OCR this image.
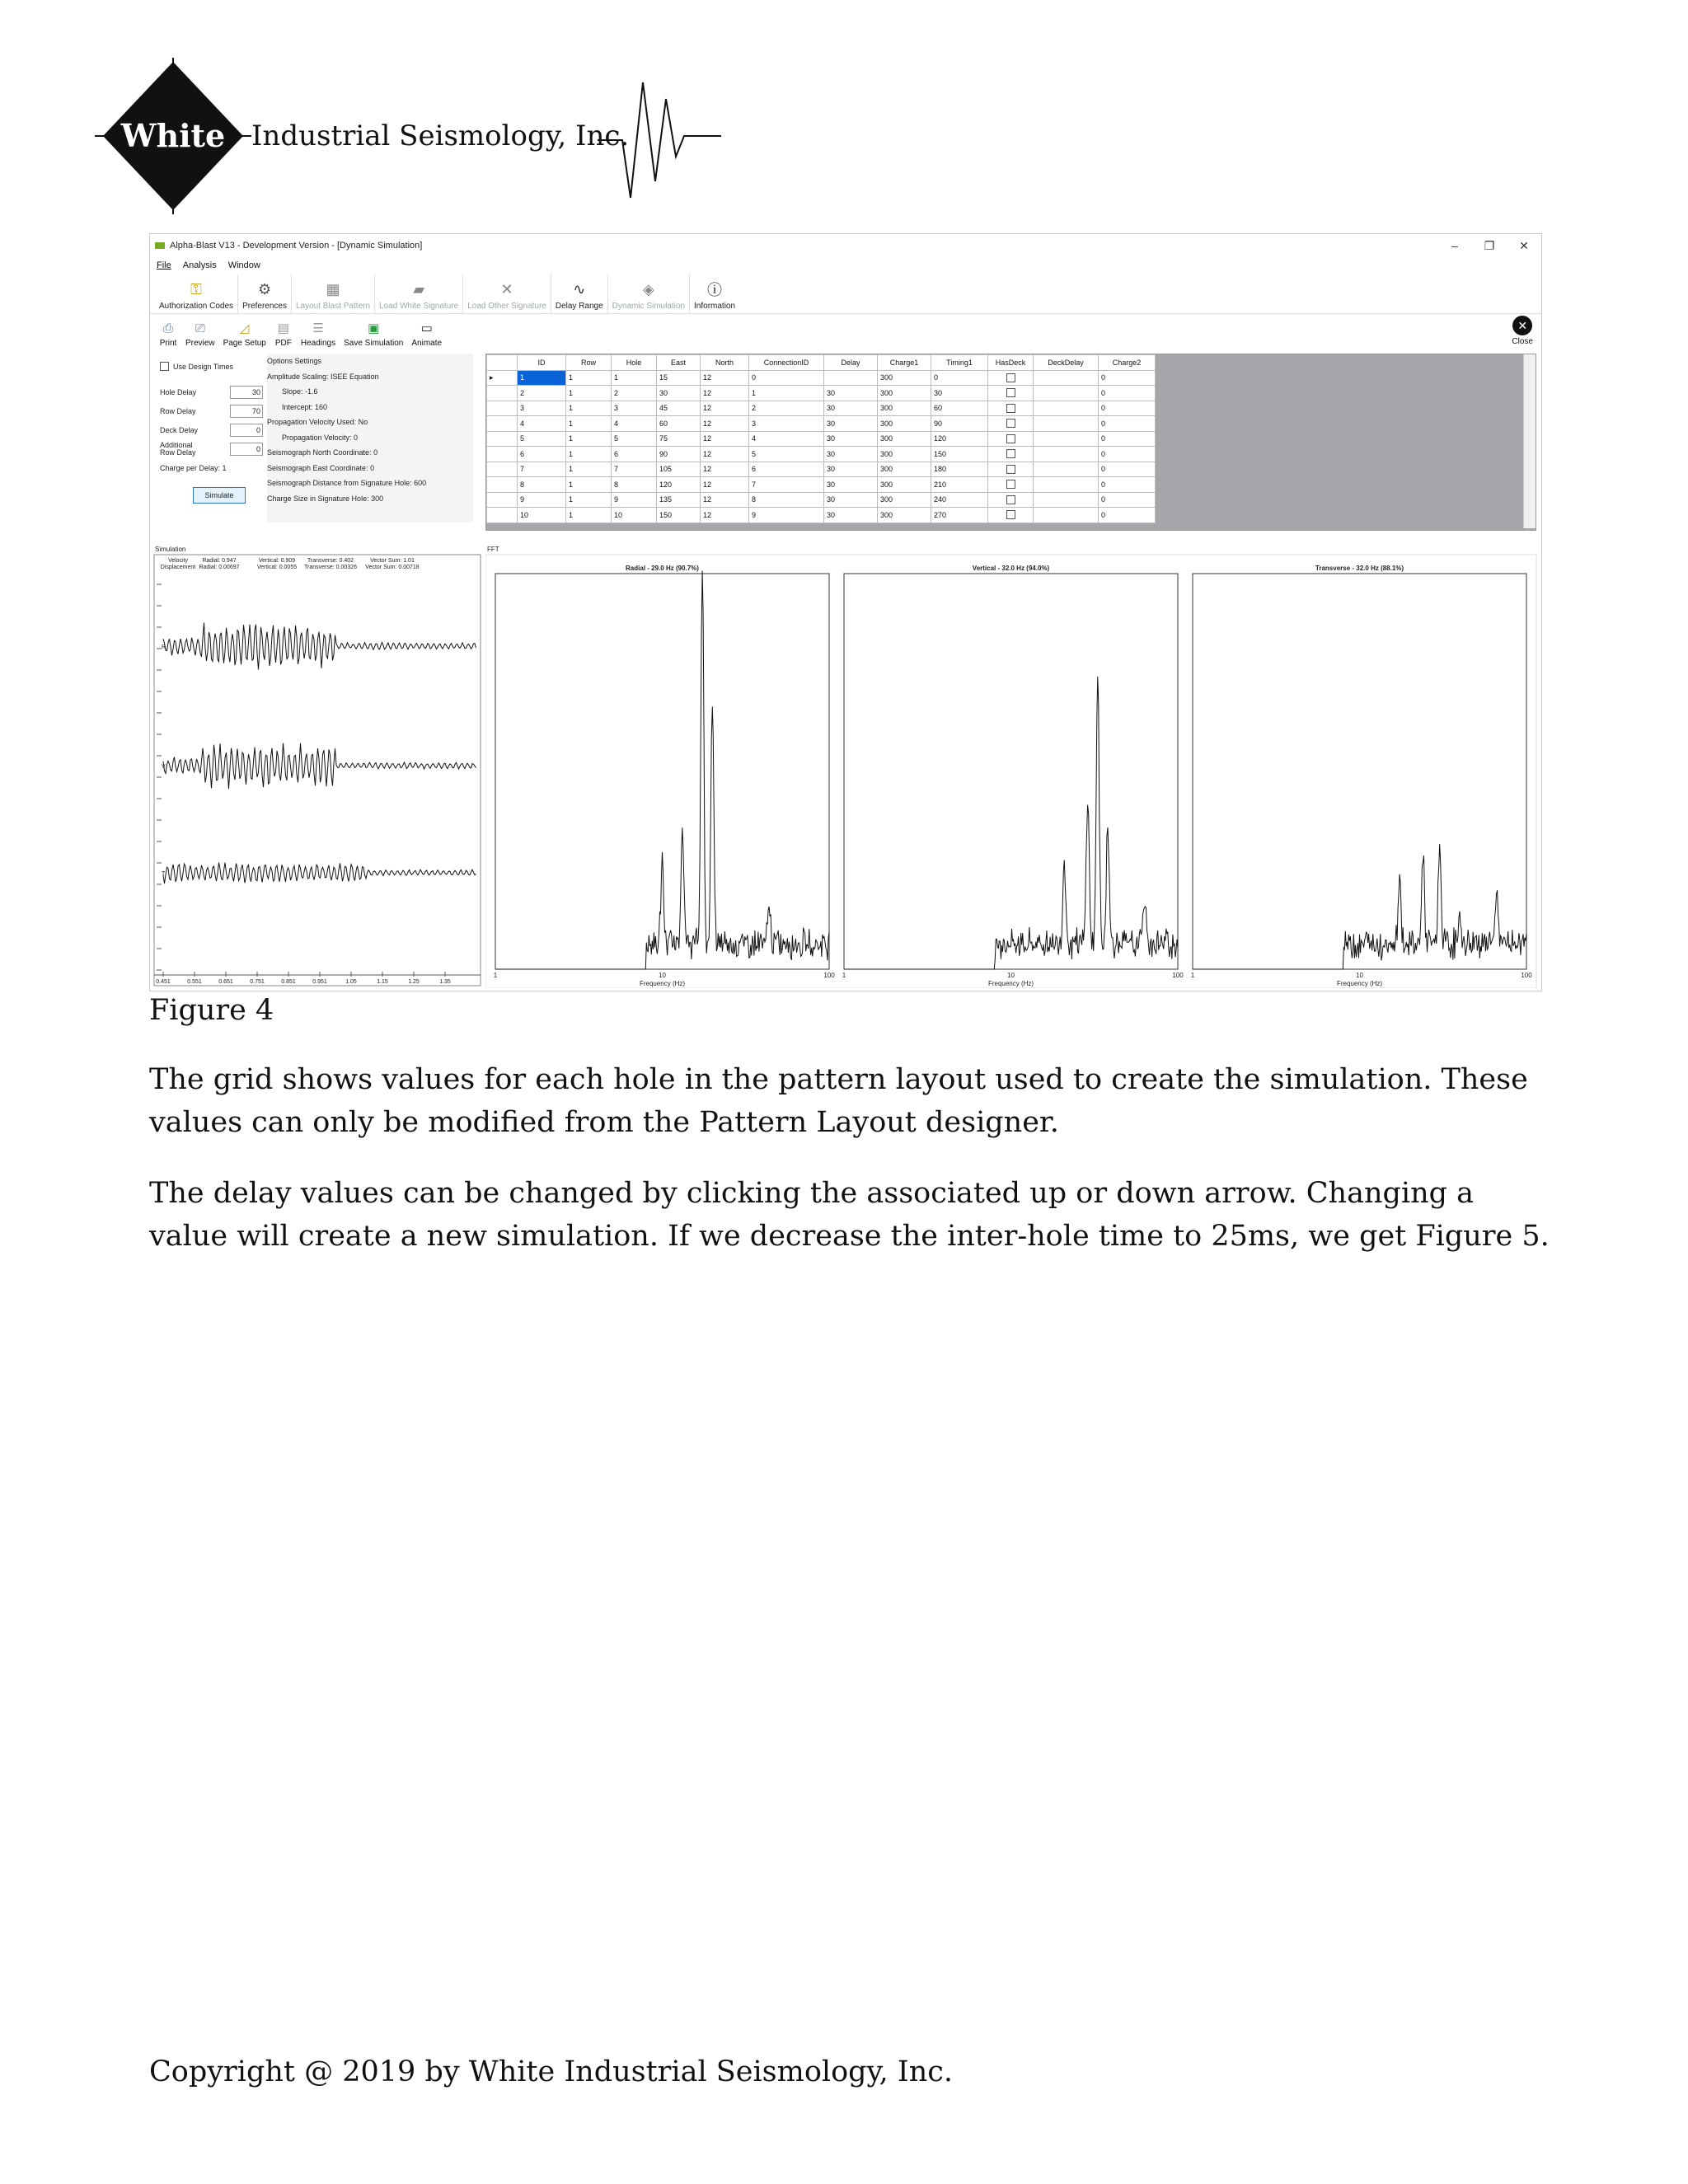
White Industrial Seismology, Inc.
Alpha-Blast V13 - Development Version - [Dynamic Simulation]	–	❐	✕
File Analysis Window
⚿
Authorization Codes
⚙
Preferences
▦
Layout Blast Pattern
▰
Load White Signature
✕
Load Other Signature
∿
Delay Range
◈
Dynamic Simulation
ⓘ
Information
⎙
Print
⎚
Preview
◿
Page Setup
▤
PDF
☰
Headings
▣
Save Simulation
▭
Animate
✕
Close
Use Design Times
Hole Delay	30
Row Delay	70
Deck Delay	0
Additional Row Delay	0
Charge per Delay: 1
Simulate
Options Settings
Amplitude Scaling: ISEE Equation
Slope: -1.6
Intercept: 160
Propagation Velocity Used: No
Propagation Velocity: 0
Seismograph North Coordinate: 0
Seismograph East Coordinate: 0
Seismograph Distance from Signature Hole: 600
Charge Size in Signature Hole: 300
	ID	Row	Hole	East	North	ConnectionID	Delay	Charge1	Timing1	HasDeck	DeckDelay	Charge2
▸	1	1	1	15	12	0		300	0			0
	2	1	2	30	12	1	30	300	30			0
	3	1	3	45	12	2	30	300	60			0
	4	1	4	60	12	3	30	300	90			0
	5	1	5	75	12	4	30	300	120			0
	6	1	6	90	12	5	30	300	150			0
	7	1	7	105	12	6	30	300	180			0
	8	1	8	120	12	7	30	300	210			0
	9	1	9	135	12	8	30	300	240			0
	10	1	10	150	12	9	30	300	270			0
Simulation
Velocity
Displacement
Radial: 0.947
Radial: 0.00697
Vertical: 0.909
Vertical: 0.0055
Transverse: 0.402
Transverse: 0.00326
Vector Sum: 1.01
Vector Sum: 0.00718
R
V
T
0.451	0.551	0.651	0.751	0.851	0.951	1.05	1.15	1.25	1.35
FFT
Radial - 29.0 Hz (90.7%)
1	10	100
Frequency (Hz)
Vertical - 32.0 Hz (94.0%)
1	10	100
Frequency (Hz)
Transverse - 32.0 Hz (88.1%)
1	10	100
Frequency (Hz)
Figure 4
The grid shows values for each hole in the pattern layout used to create the simulation. These values can only be modified from the Pattern Layout designer.
The delay values can be changed by clicking the associated up or down arrow. Changing a value will create a new simulation. If we decrease the inter-hole time to 25ms, we get Figure 5.
Copyright @ 2019 by White Industrial Seismology, Inc.
